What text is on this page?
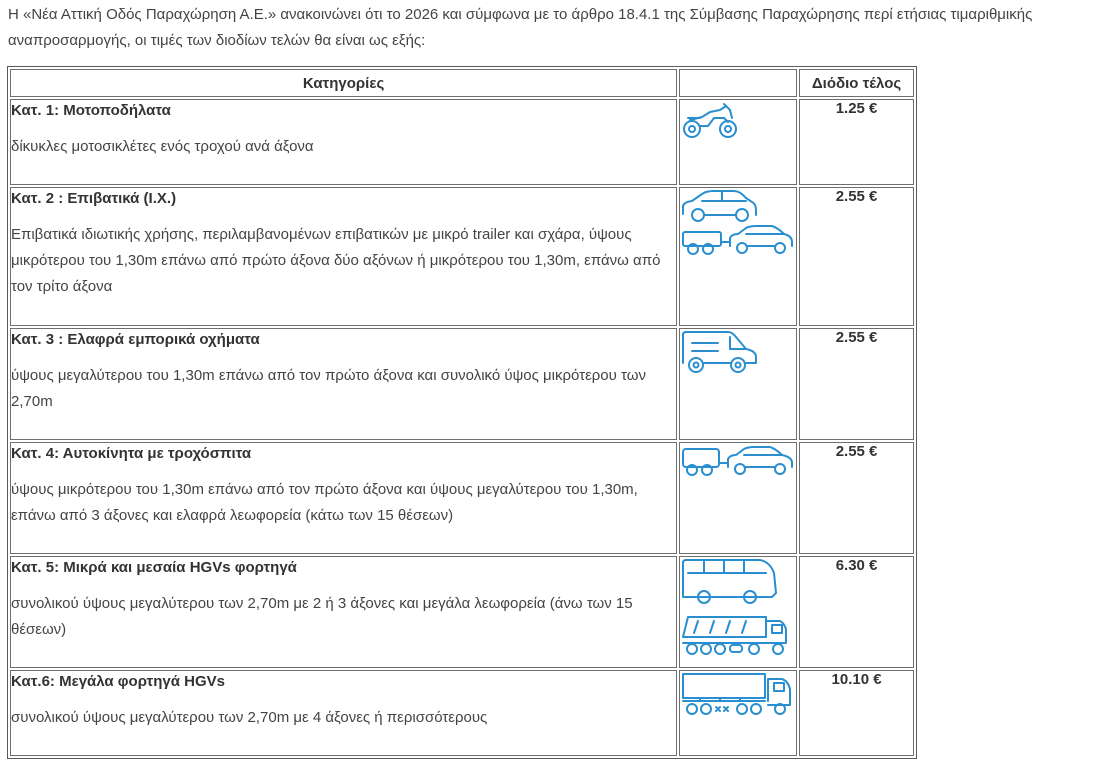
Η «Νέα Αττική Οδός Παραχώρηση Α.Ε.» ανακοινώνει ότι το 2026 και σύμφωνα με το άρθρο 18.4.1 της Σύμβασης Παραχώρησης περί ετήσιας τιμαριθμικής αναπροσαρμογής, οι τιμές των διοδίων τελών θα είναι ως εξής:

Κατηγορίες		Διόδιο τέλος

Κατ. 1: Μοτοποδήλατα
δίκυκλες μοτοσικλέτες ενός τροχού ανά άξονα		1.25 €

Κατ. 2 : Επιβατικά (Ι.Χ.)
Επιβατικά ιδιωτικής χρήσης, περιλαμβανομένων επιβατικών με μικρό trailer και σχάρα, ύψους μικρότερου του 1,30m επάνω από πρώτο άξονα δύο αξόνων ή μικρότερου του 1,30m, επάνω από τον τρίτο άξονα		2.55 €

Κατ. 3 : Ελαφρά εμπορικά οχήματα
ύψους μεγαλύτερου του 1,30m επάνω από τον πρώτο άξονα και συνολικό ύψος μικρότερου των 2,70m		2.55 €

Κατ. 4: Αυτοκίνητα με τροχόσπιτα
ύψους μικρότερου του 1,30m επάνω από τον πρώτο άξονα και ύψους μεγαλύτερου του 1,30m, επάνω από 3 άξονες και ελαφρά λεωφορεία (κάτω των 15 θέσεων)		2.55 €

Κατ. 5: Μικρά και μεσαία HGVs φορτηγά
συνολικού ύψους μεγαλύτερου των 2,70m με 2 ή 3 άξονες και μεγάλα λεωφορεία (άνω των 15 θέσεων)		6.30 €

Κατ.6: Μεγάλα φορτηγά HGVs
συνολικού ύψους μεγαλύτερου των 2,70m με 4 άξονες ή περισσότερους		10.10 €
